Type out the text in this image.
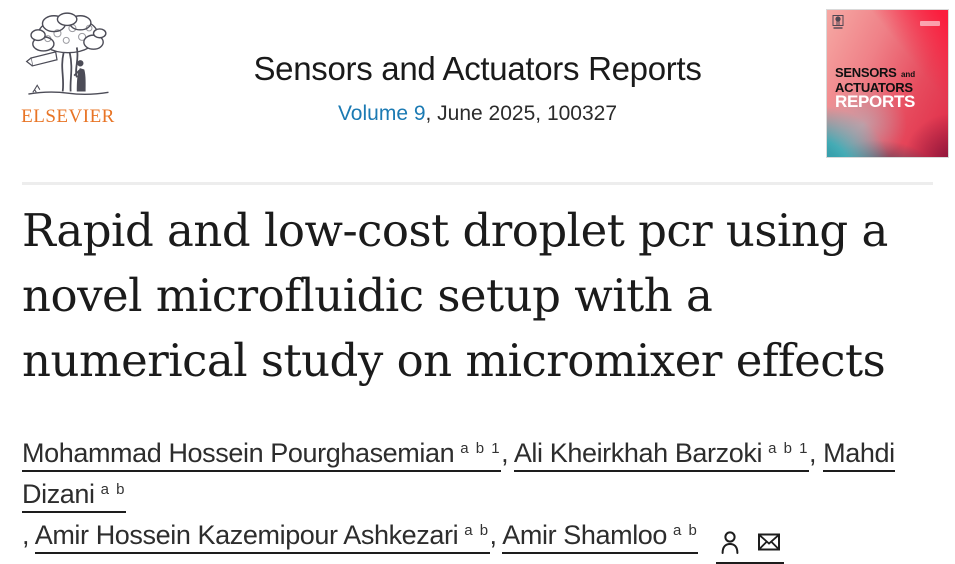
ELSEVIER
Sensors and Actuators Reports
Volume 9, June 2025, 100327
SENSORS and
ACTUATORS
REPORTS
Rapid and low-cost droplet pcr using a
novel microfluidic setup with a
numerical study on micromixer effects
Mohammad Hossein Pourghasemian $^{a b 1}$, Ali Kheirkhah Barzoki $^{a b 1}$, Mahdi Dizani $^{a b}$
, Amir Hossein Kazemipour Ashkezari $^{a b}$, Amir Shamloo $^{a b}$
